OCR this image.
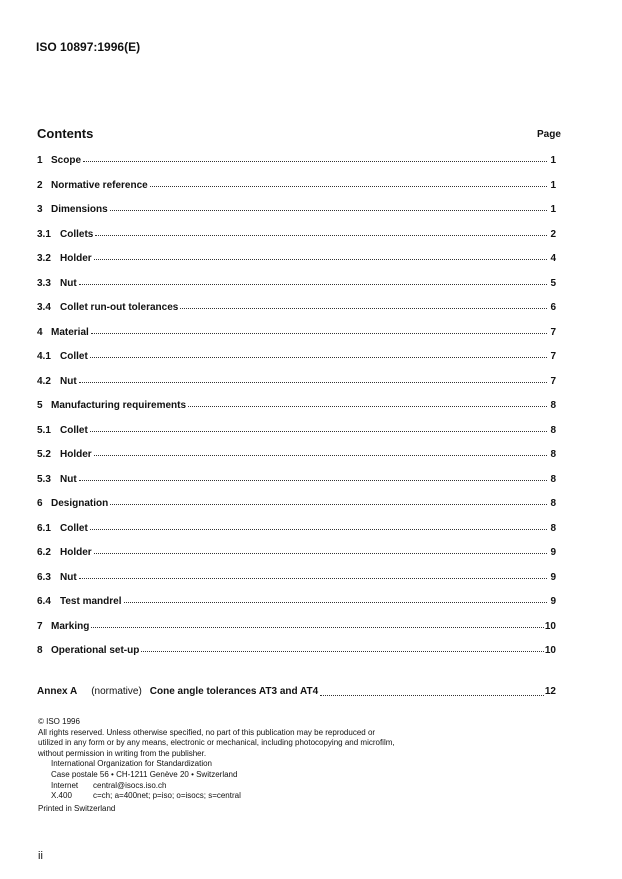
ISO 10897:1996(E)
Contents	Page
1 Scope	1
2 Normative reference	1
3 Dimensions	1
3.1 Collets	2
3.2 Holder	4
3.3 Nut	5
3.4 Collet run-out tolerances	6
4 Material	7
4.1 Collet	7
4.2 Nut	7
5 Manufacturing requirements	8
5.1 Collet	8
5.2 Holder	8
5.3 Nut	8
6 Designation	8
6.1 Collet	8
6.2 Holder	9
6.3 Nut	9
6.4 Test mandrel	9
7 Marking	10
8 Operational set-up	10
Annex A	(normative) Cone angle tolerances AT3 and AT4	12

© ISO 1996

All rights reserved. Unless otherwise specified, no part of this publication may be reproduced or utilized in any form or by any means, electronic or mechanical, including photocopying and microfilm, without permission in writing from the publisher.

International Organization for Standardization

Case postale 56 • CH-1211 Genève 20 • Switzerland

Internet	central@isocs.iso.ch
X.400	c=ch; a=400net; p=iso; o=isocs; s=central

Printed in Switzerland

ii
